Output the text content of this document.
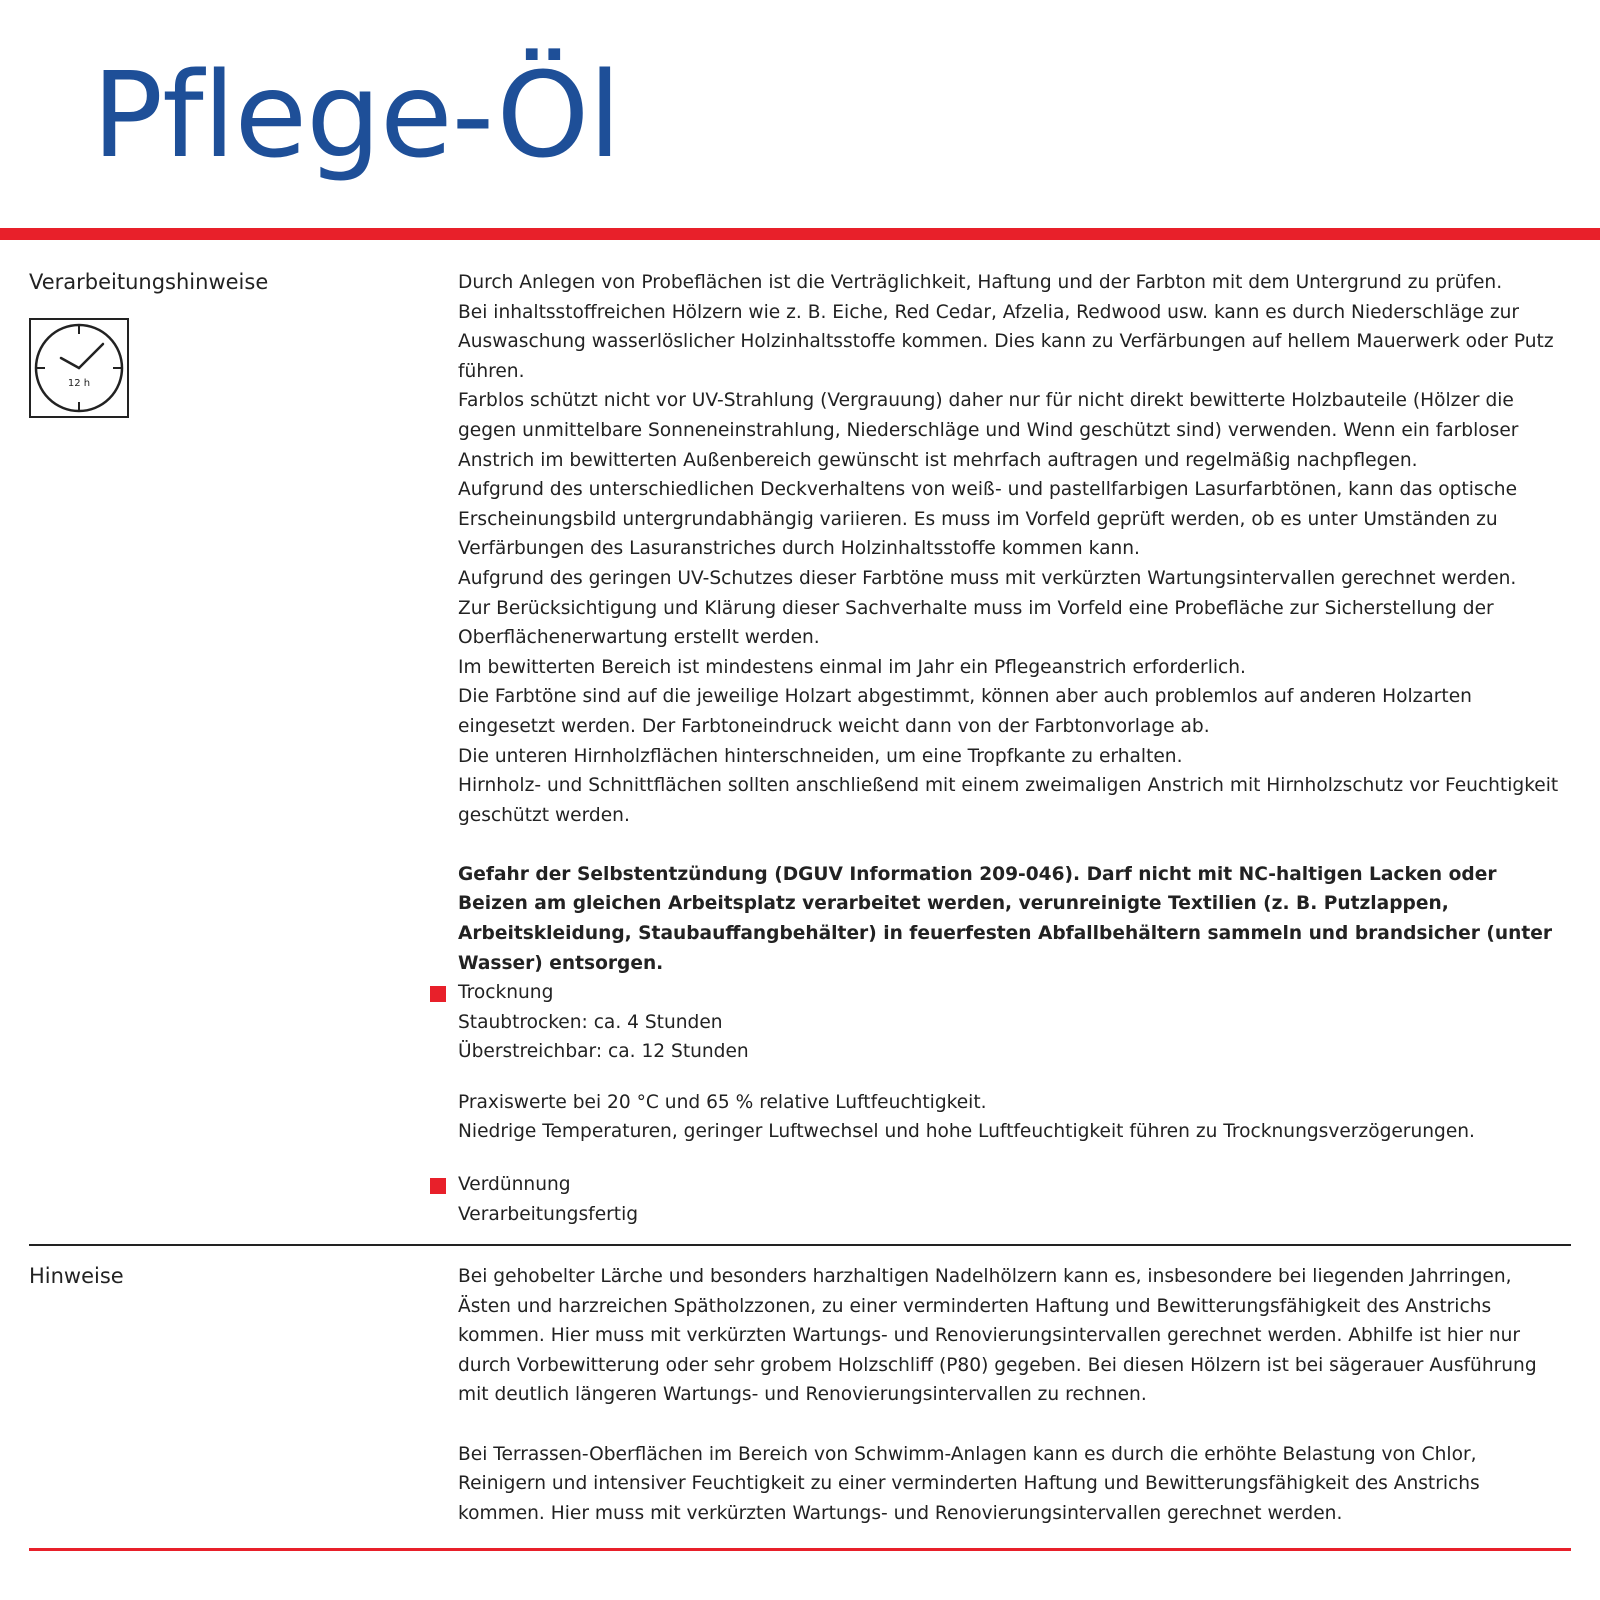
Pflege-Öl
Verarbeitungshinweise
12 h

Durch Anlegen von Probeflächen ist die Verträglichkeit, Haftung und der Farbton mit dem Untergrund zu prüfen.

Bei inhaltsstoffreichen Hölzern wie z. B. Eiche, Red Cedar, Afzelia, Redwood usw. kann es durch Niederschläge zur Auswaschung wasserlöslicher Holzinhaltsstoffe kommen. Dies kann zu Verfärbungen auf hellem Mauerwerk oder Putz führen.

Farblos schützt nicht vor UV-Strahlung (Vergrauung) daher nur für nicht direkt bewitterte Holzbauteile (Hölzer die gegen unmittelbare Sonneneinstrahlung, Niederschläge und Wind geschützt sind) verwenden. Wenn ein farbloser Anstrich im bewitterten Außenbereich gewünscht ist mehrfach auftragen und regelmäßig nachpflegen.

Aufgrund des unterschiedlichen Deckverhaltens von weiß- und pastellfarbigen Lasurfarbtönen, kann das optische Erscheinungsbild untergrundabhängig variieren. Es muss im Vorfeld geprüft werden, ob es unter Umständen zu Verfärbungen des Lasuranstriches durch Holzinhaltsstoffe kommen kann.

Aufgrund des geringen UV-Schutzes dieser Farbtöne muss mit verkürzten Wartungsintervallen gerechnet werden.

Zur Berücksichtigung und Klärung dieser Sachverhalte muss im Vorfeld eine Probefläche zur Sicherstellung der Oberflächenerwartung erstellt werden.

Im bewitterten Bereich ist mindestens einmal im Jahr ein Pflegeanstrich erforderlich.

Die Farbtöne sind auf die jeweilige Holzart abgestimmt, können aber auch problemlos auf anderen Holzarten eingesetzt werden. Der Farbtoneindruck weicht dann von der Farbtonvorlage ab.

Die unteren Hirnholzflächen hinterschneiden, um eine Tropfkante zu erhalten.

Hirnholz- und Schnittflächen sollten anschließend mit einem zweimaligen Anstrich mit Hirnholzschutz vor Feuchtigkeit geschützt werden.

Gefahr der Selbstentzündung (DGUV Information 209-046). Darf nicht mit NC-haltigen Lacken oder Beizen am gleichen Arbeitsplatz verarbeitet werden, verunreinigte Textilien (z. B. Putzlappen, Arbeitskleidung, Staubauffangbehälter) in feuerfesten Abfallbehältern sammeln und brandsicher (unter Wasser) entsorgen.

Trocknung

Staubtrocken: ca. 4 Stunden

Überstreichbar: ca. 12 Stunden

Praxiswerte bei 20 °C und 65 % relative Luftfeuchtigkeit.

Niedrige Temperaturen, geringer Luftwechsel und hohe Luftfeuchtigkeit führen zu Trocknungsverzögerungen.

Verdünnung

Verarbeitungsfertig

Hinweise	Bei gehobelter Lärche und besonders harzhaltigen Nadelhölzern kann es, insbesondere bei liegenden Jahrringen, Ästen und harzreichen Spätholzzonen, zu einer verminderten Haftung und Bewitterungsfähigkeit des Anstrichs kommen. Hier muss mit verkürzten Wartungs- und Renovierungsintervallen gerechnet werden. Abhilfe ist hier nur durch Vorbewitterung oder sehr grobem Holzschliff (P80) gegeben. Bei diesen Hölzern ist bei sägerauer Ausführung mit deutlich längeren Wartungs- und Renovierungsintervallen zu rechnen.

Bei Terrassen-Oberflächen im Bereich von Schwimm-Anlagen kann es durch die erhöhte Belastung von Chlor, Reinigern und intensiver Feuchtigkeit zu einer verminderten Haftung und Bewitterungsfähigkeit des Anstrichs kommen. Hier muss mit verkürzten Wartungs- und Renovierungsintervallen gerechnet werden.
